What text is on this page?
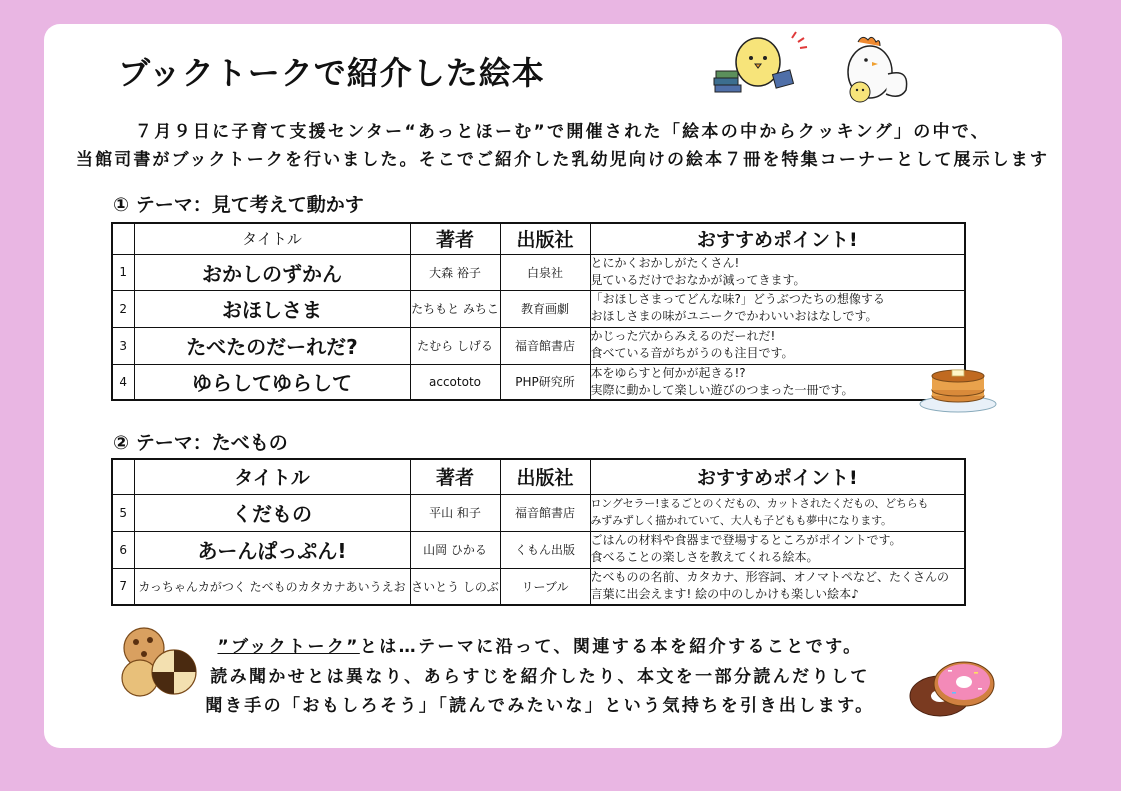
ブックトークで紹介した絵本
７月９日に子育て支援センター“あっとほーむ”で開催された「絵本の中からクッキング」の中で、
当館司書がブックトークを行いました。そこでご紹介した乳幼児向けの絵本７冊を特集コーナーとして展示します
① テーマ：見て考えて動かす
	タイトル	著者	出版社	おすすめポイント!
1	おかしのずかん	大森 裕子	白泉社	とにかくおかしがたくさん!
見ているだけでおなかが減ってきます。

2	おほしさま	たちもと みちこ	教育画劇	「おほしさまってどんな味?」どうぶつたちの想像する
おほしさまの味がユニークでかわいいおはなしです。

3	たべたのだーれだ?	たむら しげる	福音館書店	かじった穴からみえるのだーれだ!
食べている音がちがうのも注目です。

4	ゆらしてゆらして	accototo	PHP研究所	本をゆらすと何かが起きる!?
実際に動かして楽しい遊びのつまった一冊です。
② テーマ：たべもの
	タイトル	著者	出版社	おすすめポイント!
5	くだもの	平山 和子	福音館書店	ロングセラー!まるごとのくだもの、カットされたくだもの、どちらも
みずみずしく描かれていて、大人も子どもも夢中になります。

6	あーんぱっぷん!	山岡 ひかる	くもん出版	ごはんの材料や食器まで登場するところがポイントです。
食べることの楽しさを教えてくれる絵本。

7	カっちゃんカがつく たべものカタカナあいうえお	さいとう しのぶ	リーブル	たべものの名前、カタカナ、形容詞、オノマトペなど、たくさんの
言葉に出会えます! 絵の中のしかけも楽しい絵本♪
”ブックトーク”とは…テーマに沿って、関連する本を紹介することです。
読み聞かせとは異なり、あらすじを紹介したり、本文を一部分読んだりして
聞き手の「おもしろそう」「読んでみたいな」という気持ちを引き出します。
